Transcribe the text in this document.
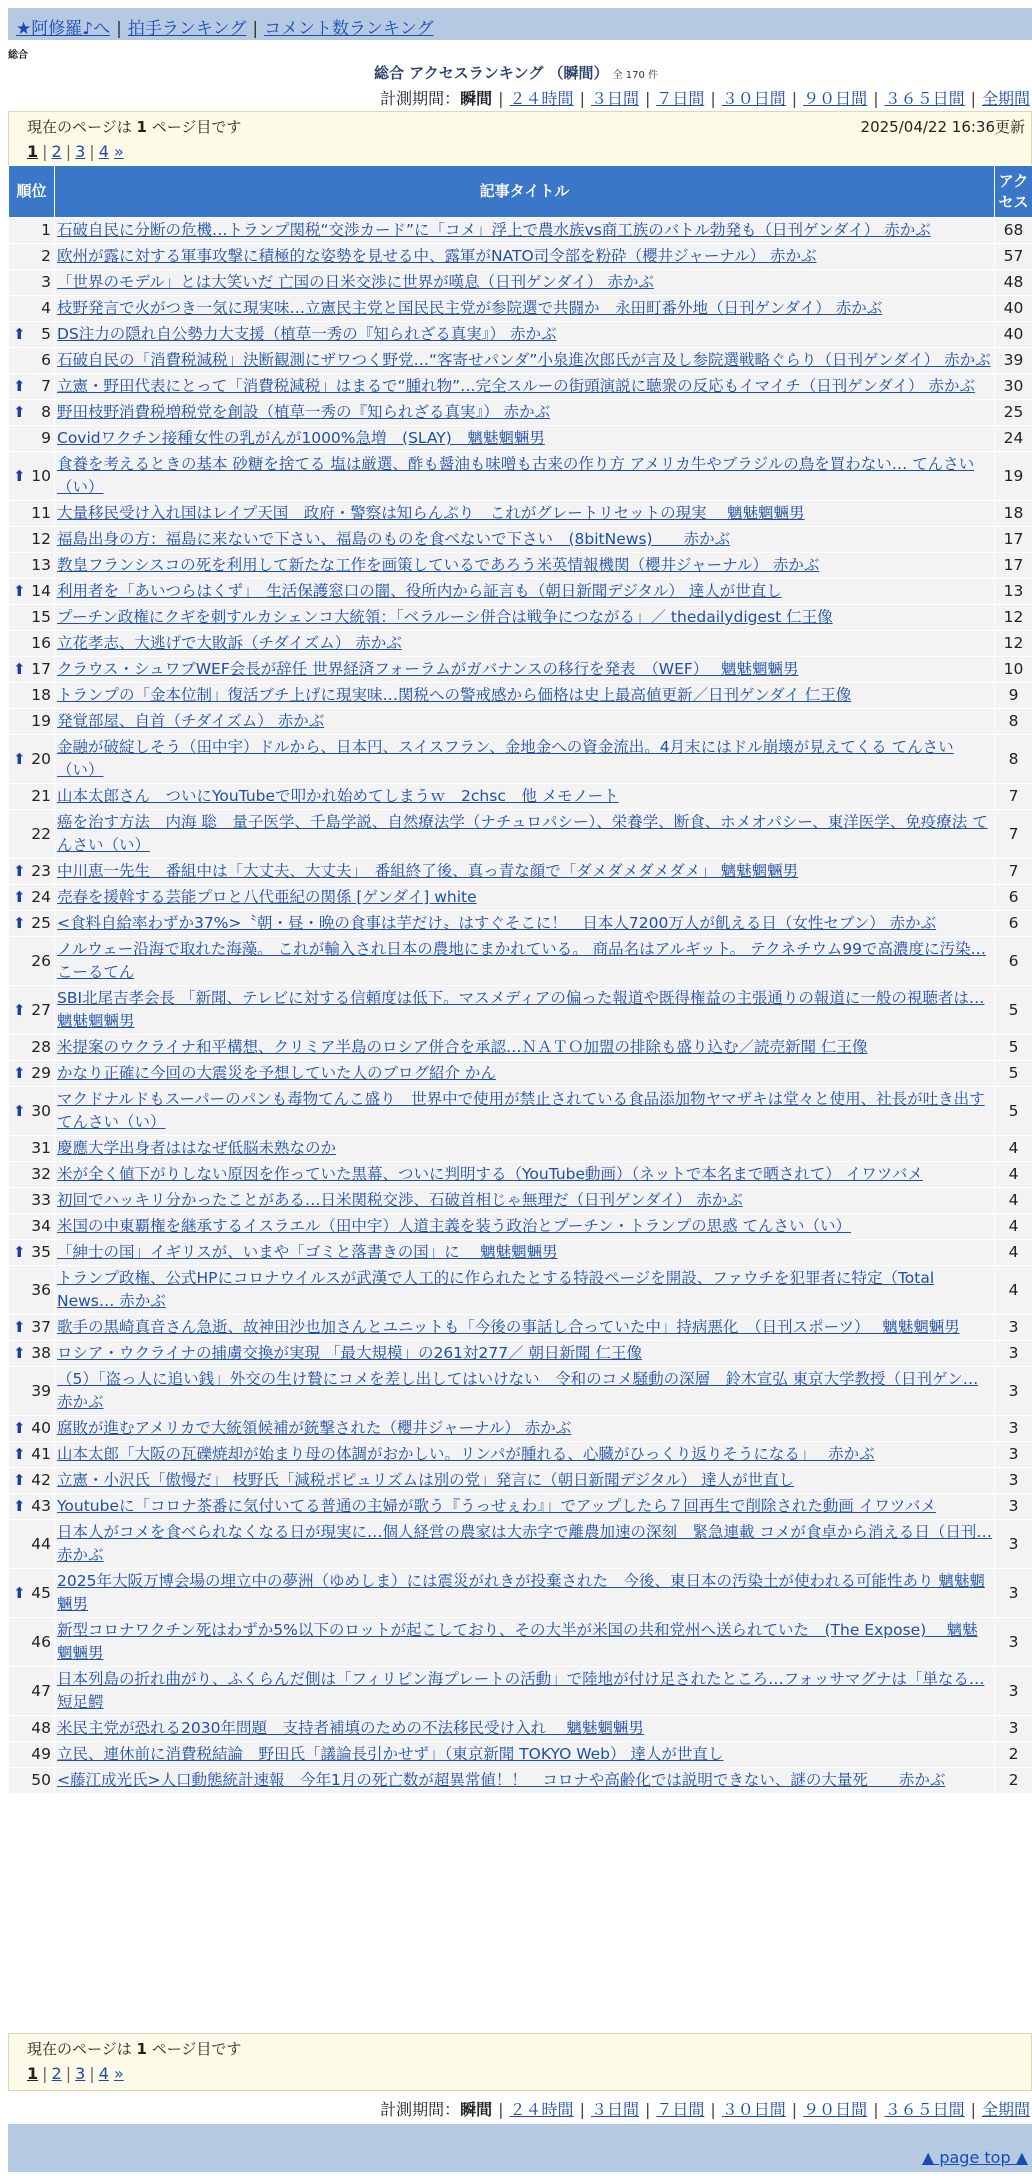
★阿修羅♪へ | 拍手ランキング | コメント数ランキング
総合
総合 アクセスランキング （瞬間） 全 170 件
計測期間：瞬間 | ２４時間 | ３日間 | ７日間 | ３０日間 | ９０日間 | ３６５日間 | 全期間
現在のページは 1 ページ目です	2025/04/22 16:36更新
1 | 2 | 3 | 4 »
順位	記事タイトル	アクセス
1	石破自民に分断の危機…トランプ関税“交渉カード”に「コメ」浮上で農水族vs商工族のバトル勃発も（日刊ゲンダイ） 赤かぶ	68
2	欧州が露に対する軍事攻撃に積極的な姿勢を見せる中、露軍がNATO司令部を粉砕（櫻井ジャーナル） 赤かぶ	57
3	「世界のモデル」とは大笑いだ 亡国の日米交渉に世界が嘆息（日刊ゲンダイ） 赤かぶ	48
4	枝野発言で火がつき一気に現実味…立憲民主党と国民民主党が参院選で共闘か　永田町番外地（日刊ゲンダイ） 赤かぶ	40

⬆ 5	DS注力の隠れ自公勢力大支援（植草一秀の『知られざる真実』） 赤かぶ	40
6	石破自民の「消費税減税」決断観測にザワつく野党…“客寄せパンダ”小泉進次郎氏が言及し参院選戦略ぐらり（日刊ゲンダイ） 赤かぶ	39

⬆ 7	立憲・野田代表にとって「消費税減税」はまるで“腫れ物”…完全スルーの街頭演説に聴衆の反応もイマイチ（日刊ゲンダイ） 赤かぶ	30

⬆ 8	野田枝野消費税増税党を創設（植草一秀の『知られざる真実』） 赤かぶ	25
9	Covidワクチン接種女性の乳がんが1000%急増　(SLAY)　魑魅魍魎男	24

⬆ 10	食養を考えるときの基本 砂糖を捨てる 塩は厳選、酢も醤油も味噌も古来の作り方 アメリカ牛やブラジルの鳥を買わない… てんさい（い）	19
11	大量移民受け入れ国はレイプ天国　政府・警察は知らんぷり　これがグレートリセットの現実　 魑魅魍魎男	18
12	福島出身の方：福島に来ないで下さい、福島のものを食べないで下さい　(8bitNews)　　赤かぶ	17
13	教皇フランシスコの死を利用して新たな工作を画策しているであろう米英情報機関（櫻井ジャーナル） 赤かぶ	17

⬆ 14	利用者を「あいつらはくず」　生活保護窓口の闇、役所内から証言も（朝日新聞デジタル） 達人が世直し	13
15	プーチン政権にクギを刺すルカシェンコ大統領：「ベラルーシ併合は戦争につながる」／ thedailydigest 仁王像	12
16	立花孝志、大逃げで大敗訴（チダイズム） 赤かぶ	12

⬆ 17	クラウス・シュワブWEF会長が辞任 世界経済フォーラムがガバナンスの移行を発表　（WEF）　 魑魅魍魎男	10
18	トランプの「金本位制」復活ブチ上げに現実味…関税への警戒感から価格は史上最高値更新／日刊ゲンダイ 仁王像	9
19	発覚部屋、自首（チダイズム） 赤かぶ	8

⬆ 20	金融が破綻しそう（田中宇）ドルから、日本円、スイスフラン、金地金への資金流出。4月末にはドル崩壊が見えてくる てんさい（い）	8
21	山本太郎さん　ついにYouTubeで叩かれ始めてしまうｗ　2chsc　他 メモノート	7
22	癌を治す方法　内海 聡　量子医学、千島学説、自然療法学（ナチュロパシー）、栄養学、断食、ホメオパシー、東洋医学、免疫療法 てんさい（い）	7

⬆ 23	中川恵一先生　番組中は「大丈夫、大丈夫」　番組終了後、真っ青な顔で「ダメダメダメダメ」 魑魅魍魎男	7

⬆ 24	売春を援斡する芸能プロと八代亜紀の関係 [ゲンダイ] white	6

⬆ 25	<食料自給率わずか37%>〝朝・昼・晩の食事は芋だけ〟はすぐそこに！　日本人7200万人が飢える日（女性セブン） 赤かぶ	6
26	ノルウェー沿海で取れた海藻。 これが輸入され日本の農地にまかれている。 商品名はアルギット。 テクネチウム99で高濃度に汚染… こーるてん	6

⬆ 27	SBI北尾吉孝会長 「新聞、テレビに対する信頼度は低下。マスメディアの偏った報道や既得権益の主張通りの報道に一般の視聴者は… 魑魅魍魎男	5
28	米提案のウクライナ和平構想、クリミア半島のロシア併合を承認…ＮＡＴＯ加盟の排除も盛り込む／読売新聞 仁王像	5

⬆ 29	かなり正確に今回の大震災を予想していた人のブログ紹介 かん	5

⬆ 30	マクドナルドもスーパーのパンも毒物てんこ盛り　世界中で使用が禁止されている食品添加物ヤマザキは堂々と使用、社長が吐き出す てんさい（い）	5
31	慶應大学出身者ははなぜ低脳未熟なのか	4
32	米が全く値下がりしない原因を作っていた黒幕、ついに判明する（YouTube動画）（ネットで本名まで晒されて） イワツバメ	4
33	初回でハッキリ分かったことがある…日米関税交渉、石破首相じゃ無理だ（日刊ゲンダイ） 赤かぶ	4
34	米国の中東覇権を継承するイスラエル（田中宇）人道主義を装う政治とプーチン・トランプの思惑 てんさい（い）	4

⬆ 35	「紳士の国」イギリスが、いまや「ゴミと落書きの国」に　 魑魅魍魎男	4
36	トランプ政権、公式HPにコロナウイルスが武漢で人工的に作られたとする特設ページを開設、ファウチを犯罪者に特定（Total News… 赤かぶ	4

⬆ 37	歌手の黒崎真音さん急逝、故神田沙也加さんとユニットも「今後の事話し合っていた中」持病悪化　（日刊スポーツ）　 魑魅魍魎男	3

⬆ 38	ロシア・ウクライナの捕虜交換が実現 「最大規模」の261対277／ 朝日新聞 仁王像	3
39	（5）「盗っ人に追い銭」外交の生け贄にコメを差し出してはいけない　令和のコメ騒動の深層　鈴木宣弘 東京大学教授（日刊ゲン… 赤かぶ	3

⬆ 40	腐敗が進むアメリカで大統領候補が銃撃された（櫻井ジャーナル） 赤かぶ	3

⬆ 41	山本太郎「大阪の瓦礫焼却が始まり母の体調がおかしい。リンパが腫れる、心臓がひっくり返りそうになる」　 赤かぶ	3

⬆ 42	立憲・小沢氏「傲慢だ」 枝野氏「減税ポピュリズムは別の党」発言に（朝日新聞デジタル） 達人が世直し	3

⬆ 43	Youtubeに「コロナ茶番に気付いてる普通の主婦が歌う『うっせぇわ』」でアップしたら７回再生で削除された動画 イワツバメ	3
44	日本人がコメを食べられなくなる日が現実に…個人経営の農家は大赤字で離農加速の深刻　緊急連載 コメが食卓から消える日（日刊… 赤かぶ	3

⬆ 45	2025年大阪万博会場の埋立中の夢洲（ゆめしま）には震災がれきが投棄された　今後、東日本の汚染土が使われる可能性あり 魑魅魍魎男	3
46	新型コロナワクチン死はわずか5%以下のロットが起こしており、その大半が米国の共和党州へ送られていた　(The Expose)　 魑魅魍魎男	3
47	日本列島の折れ曲がり、ふくらんだ側は「フィリピン海プレートの活動」で陸地が付け足されたところ…フォッサマグナは「単なる… 短足鰐	3
48	米民主党が恐れる2030年問題　支持者補填のための不法移民受け入れ　 魑魅魍魎男	3
49	立民、連休前に消費税結論　野田氏「議論長引かせず」（東京新聞 TOKYO Web） 達人が世直し	2
50	<藤江成光氏>人口動態統計速報　今年1月の死亡数が超異常値！！　コロナや高齢化では説明できない、謎の大量死　　赤かぶ	2
現在のページは 1 ページ目です
1 | 2 | 3 | 4 »
計測期間：瞬間 | ２４時間 | ３日間 | ７日間 | ３０日間 | ９０日間 | ３６５日間 | 全期間
▲ page top ▲
